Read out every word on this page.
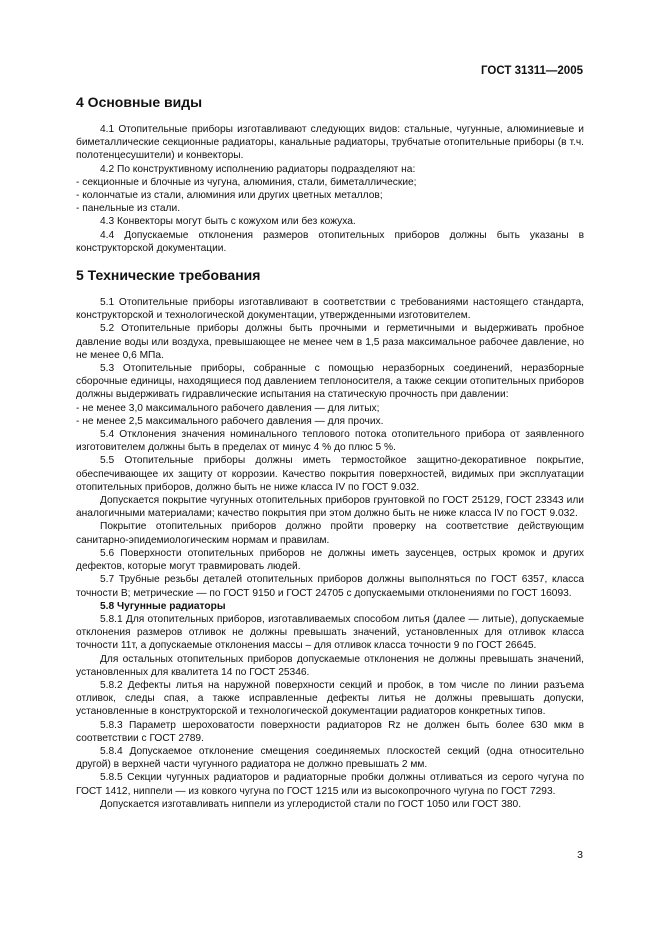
ГОСТ 31311—2005
4 Основные виды

4.1 Отопительные приборы изготавливают следующих видов: стальные, чугунные, алюминиевые и биметаллические секционные радиаторы, канальные радиаторы, трубчатые отопительные приборы (в т.ч. полотенцесушители) и конвекторы.

4.2 По конструктивному исполнению радиаторы подразделяют на:

- секционные и блочные из чугуна, алюминия, стали, биметаллические;

- колончатые из стали, алюминия или других цветных металлов;

- панельные из стали.

4.3 Конвекторы могут быть с кожухом или без кожуха.

4.4 Допускаемые отклонения размеров отопительных приборов должны быть указаны в конструкторской документации.

5 Технические требования

5.1 Отопительные приборы изготавливают в соответствии с требованиями настоящего стандарта, конструкторской и технологической документации, утвержденными изготовителем.

5.2 Отопительные приборы должны быть прочными и герметичными и выдерживать пробное давление воды или воздуха, превышающее не менее чем в 1,5 раза максимальное рабочее давление, но не менее 0,6 МПа.

5.3 Отопительные приборы, собранные с помощью неразборных соединений, неразборные сборочные единицы, находящиеся под давлением теплоносителя, а также секции отопительных приборов должны выдерживать гидравлические испытания на статическую прочность при давлении:

- не менее 3,0 максимального рабочего давления — для литых;

- не менее 2,5 максимального рабочего давления — для прочих.

5.4 Отклонения значения номинального теплового потока отопительного прибора от заявленного изготовителем должны быть в пределах от минус 4 % до плюс 5 %.

5.5 Отопительные приборы должны иметь термостойкое защитно-декоративное покрытие, обеспечивающее их защиту от коррозии. Качество покрытия поверхностей, видимых при эксплуатации отопительных приборов, должно быть не ниже класса IV по ГОСТ 9.032.

Допускается покрытие чугунных отопительных приборов грунтовкой по ГОСТ 25129, ГОСТ 23343 или аналогичными материалами; качество покрытия при этом должно быть не ниже класса IV по ГОСТ 9.032.

Покрытие отопительных приборов должно пройти проверку на соответствие действующим санитарно-эпидемиологическим нормам и правилам.

5.6 Поверхности отопительных приборов не должны иметь заусенцев, острых кромок и других дефектов, которые могут травмировать людей.

5.7 Трубные резьбы деталей отопительных приборов должны выполняться по ГОСТ 6357, класса точности В; метрические — по ГОСТ 9150 и ГОСТ 24705 с допускаемыми отклонениями по ГОСТ 16093.

5.8 Чугунные радиаторы

5.8.1 Для отопительных приборов, изготавливаемых способом литья (далее — литые), допускаемые отклонения размеров отливок не должны превышать значений, установленных для отливок класса точности 11т, а допускаемые отклонения массы – для отливок класса точности 9 по ГОСТ 26645.

Для остальных отопительных приборов допускаемые отклонения не должны превышать значений, установленных для квалитета 14 по ГОСТ 25346.

5.8.2 Дефекты литья на наружной поверхности секций и пробок, в том числе по линии разъема отливок, следы спая, а также исправленные дефекты литья не должны превышать допуски, установленные в конструкторской и технологической документации радиаторов конкретных типов.

5.8.3 Параметр шероховатости поверхности радиаторов Rz не должен быть более 630 мкм в соответствии с ГОСТ 2789.

5.8.4 Допускаемое отклонение смещения соединяемых плоскостей секций (одна относительно другой) в верхней части чугунного радиатора не должно превышать 2 мм.

5.8.5 Секции чугунных радиаторов и радиаторные пробки должны отливаться из серого чугуна по ГОСТ 1412, ниппели — из ковкого чугуна по ГОСТ 1215 или из высокопрочного чугуна по ГОСТ 7293.

Допускается изготавливать ниппели из углеродистой стали по ГОСТ 1050 или ГОСТ 380.

3
